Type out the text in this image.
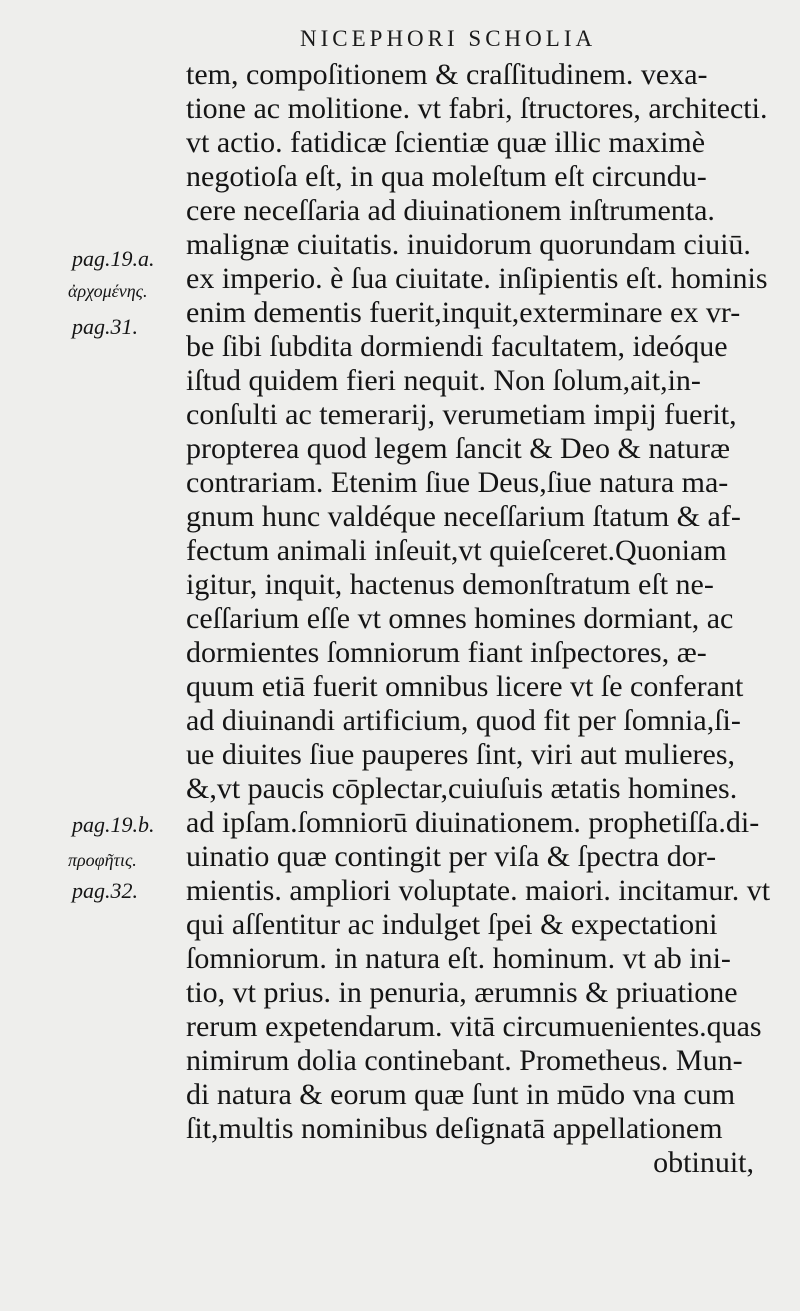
NICEPHORI SCHOLIA
tem, compoſitionem & craſſitudinem. vexa-
tione ac molitione. vt fabri, ſtructores, architecti.
vt actio. fatidicæ ſcientiæ quæ illic maximè
negotioſa eſt, in qua moleſtum eſt circundu-
cere neceſſaria ad diuinationem inſtrumenta.
malignæ ciuitatis. inuidorum quorundam ciuiū.
ex imperio. è ſua ciuitate. inſipientis eſt. hominis
enim dementis fuerit,inquit,exterminare ex vr-
be ſibi ſubdita dormiendi facultatem, ideóque
iſtud quidem fieri nequit. Non ſolum,ait,in-
conſulti ac temerarij, verumetiam impij fuerit,
propterea quod legem ſancit & Deo & naturæ
contrariam. Etenim ſiue Deus,ſiue natura ma-
gnum hunc valdéque neceſſarium ſtatum & af-
fectum animali inſeuit,vt quieſceret.Quoniam
igitur, inquit, hactenus demonſtratum eſt ne-
ceſſarium eſſe vt omnes homines dormiant, ac
dormientes ſomniorum fiant inſpectores, æ-
quum etiā fuerit omnibus licere vt ſe conferant
ad diuinandi artificium, quod fit per ſomnia,ſi-
ue diuites ſiue pauperes ſint, viri aut mulieres,
&,vt paucis cōplectar,cuiuſuis ætatis homines.
ad ipſam.ſomniorū diuinationem. prophetiſſa.di-
uinatio quæ contingit per viſa & ſpectra dor-
mientis. ampliori voluptate. maiori. incitamur. vt
qui aſſentitur ac indulget ſpei & expectationi
ſomniorum. in natura eſt. hominum. vt ab ini-
tio, vt prius. in penuria, ærumnis & priuatione
rerum expetendarum. vitā circumuenientes.quas
nimirum dolia continebant. Prometheus. Mun-
di natura & eorum quæ ſunt in mūdo vna cum
ſit,multis nominibus deſignatā appellationem
obtinuit,
pag.19.a.
ἀρχομένης.
pag.31.
pag.19.b.
προφῆτις.
pag.32.
